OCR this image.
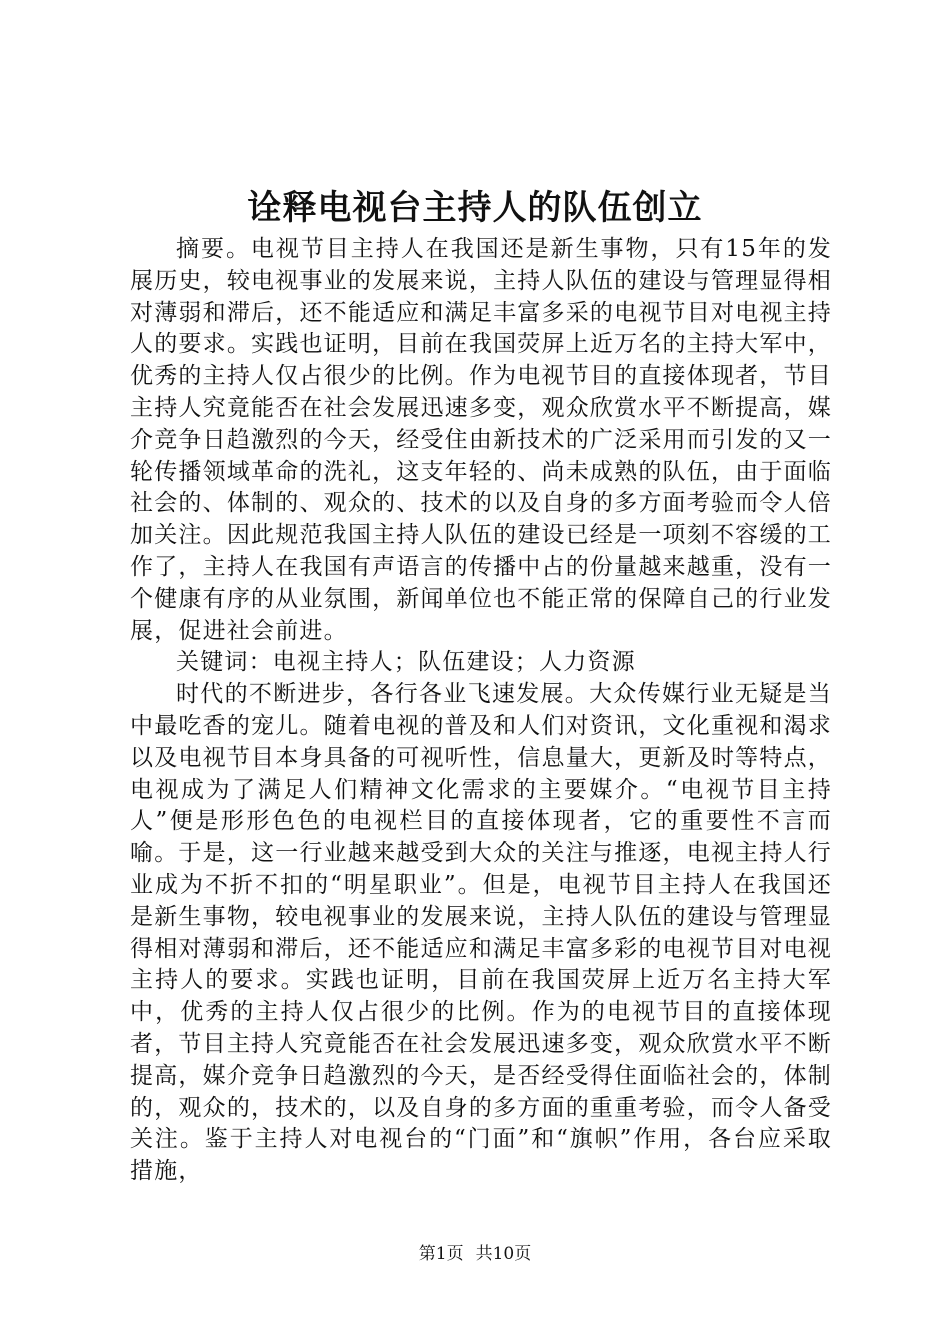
诠释电视台主持人的队伍创立

摘要。电视节目主持人在我国还是新生事物，只有15年的发展历史，较电视事业的发展来说，主持人队伍的建设与管理显得相对薄弱和滞后，还不能适应和满足丰富多采的电视节目对电视主持人的要求。实践也证明，目前在我国荧屏上近万名的主持大军中，优秀的主持人仅占很少的比例。作为电视节目的直接体现者，节目主持人究竟能否在社会发展迅速多变，观众欣赏水平不断提高，媒介竞争日趋激烈的今天，经受住由新技术的广泛采用而引发的又一轮传播领域革命的洗礼，这支年轻的、尚未成熟的队伍，由于面临社会的、体制的、观众的、技术的以及自身的多方面考验而令人倍加关注。因此规范我国主持人队伍的建设已经是一项刻不容缓的工作了，主持人在我国有声语言的传播中占的份量越来越重，没有一个健康有序的从业氛围，新闻单位也不能正常的保障自己的行业发展，促进社会前进。

关键词：电视主持人；队伍建设；人力资源

时代的不断进步，各行各业飞速发展。大众传媒行业无疑是当中最吃香的宠儿。随着电视的普及和人们对资讯，文化重视和渴求以及电视节目本身具备的可视听性，信息量大，更新及时等特点，电视成为了满足人们精神文化需求的主要媒介。“电视节目主持人”便是形形色色的电视栏目的直接体现者，它的重要性不言而喻。于是，这一行业越来越受到大众的关注与推逐，电视主持人行业成为不折不扣的“明星职业”。但是，电视节目主持人在我国还是新生事物，较电视事业的发展来说，主持人队伍的建设与管理显得相对薄弱和滞后，还不能适应和满足丰富多彩的电视节目对电视主持人的要求。实践也证明，目前在我国荧屏上近万名主持大军中，优秀的主持人仅占很少的比例。作为的电视节目的直接体现者，节目主持人究竟能否在社会发展迅速多变，观众欣赏水平不断提高，媒介竞争日趋激烈的今天，是否经受得住面临社会的，体制的，观众的，技术的，以及自身的多方面的重重考验，而令人备受关注。鉴于主持人对电视台的“门面”和“旗帜”作用，各台应采取措施，

第1页 共10页
